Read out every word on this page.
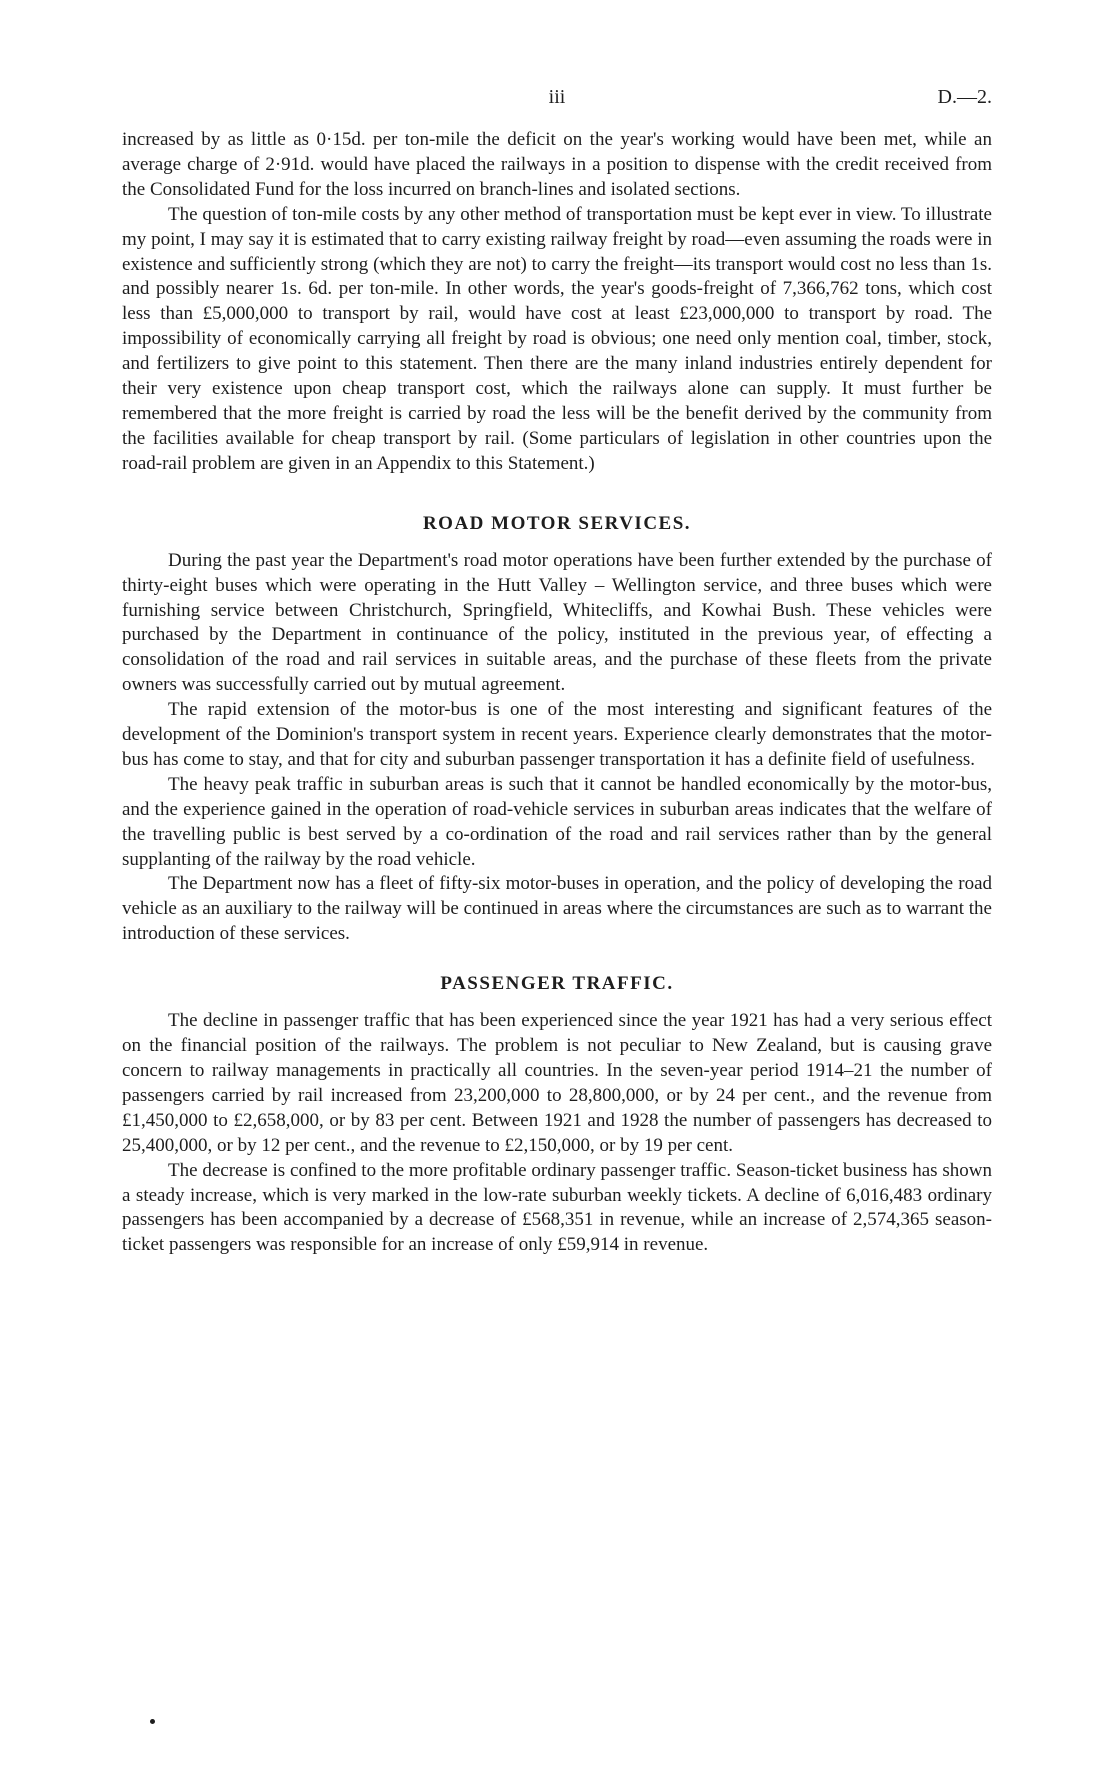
iii	D.—2.

increased by as little as 0·15d. per ton-mile the deficit on the year's working would have been met, while an average charge of 2·91d. would have placed the railways in a position to dispense with the credit received from the Consolidated Fund for the loss incurred on branch-lines and isolated sections.

The question of ton-mile costs by any other method of transportation must be kept ever in view. To illustrate my point, I may say it is estimated that to carry existing railway freight by road—even assuming the roads were in existence and sufficiently strong (which they are not) to carry the freight—its transport would cost no less than 1s. and possibly nearer 1s. 6d. per ton-mile. In other words, the year's goods-freight of 7,366,762 tons, which cost less than £5,000,000 to transport by rail, would have cost at least £23,000,000 to transport by road. The impossibility of economically carrying all freight by road is obvious; one need only mention coal, timber, stock, and fertilizers to give point to this statement. Then there are the many inland industries entirely dependent for their very existence upon cheap transport cost, which the railways alone can supply. It must further be remembered that the more freight is carried by road the less will be the benefit derived by the community from the facilities available for cheap transport by rail. (Some particulars of legislation in other countries upon the road-rail problem are given in an Appendix to this Statement.)

ROAD MOTOR SERVICES.

During the past year the Department's road motor operations have been further extended by the purchase of thirty-eight buses which were operating in the Hutt Valley – Wellington service, and three buses which were furnishing service between Christchurch, Springfield, Whitecliffs, and Kowhai Bush. These vehicles were purchased by the Department in continuance of the policy, instituted in the previous year, of effecting a consolidation of the road and rail services in suitable areas, and the purchase of these fleets from the private owners was successfully carried out by mutual agreement.

The rapid extension of the motor-bus is one of the most interesting and significant features of the development of the Dominion's transport system in recent years. Experience clearly demonstrates that the motor-bus has come to stay, and that for city and suburban passenger transportation it has a definite field of usefulness.

The heavy peak traffic in suburban areas is such that it cannot be handled economically by the motor-bus, and the experience gained in the operation of road-vehicle services in suburban areas indicates that the welfare of the travelling public is best served by a co-ordination of the road and rail services rather than by the general supplanting of the railway by the road vehicle.

The Department now has a fleet of fifty-six motor-buses in operation, and the policy of developing the road vehicle as an auxiliary to the railway will be continued in areas where the circumstances are such as to warrant the introduction of these services.

PASSENGER TRAFFIC.

The decline in passenger traffic that has been experienced since the year 1921 has had a very serious effect on the financial position of the railways. The problem is not peculiar to New Zealand, but is causing grave concern to railway managements in practically all countries. In the seven-year period 1914–21 the number of passengers carried by rail increased from 23,200,000 to 28,800,000, or by 24 per cent., and the revenue from £1,450,000 to £2,658,000, or by 83 per cent. Between 1921 and 1928 the number of passengers has decreased to 25,400,000, or by 12 per cent., and the revenue to £2,150,000, or by 19 per cent.

The decrease is confined to the more profitable ordinary passenger traffic. Season-ticket business has shown a steady increase, which is very marked in the low-rate suburban weekly tickets. A decline of 6,016,483 ordinary passengers has been accompanied by a decrease of £568,351 in revenue, while an increase of 2,574,365 season-ticket passengers was responsible for an increase of only £59,914 in revenue.
